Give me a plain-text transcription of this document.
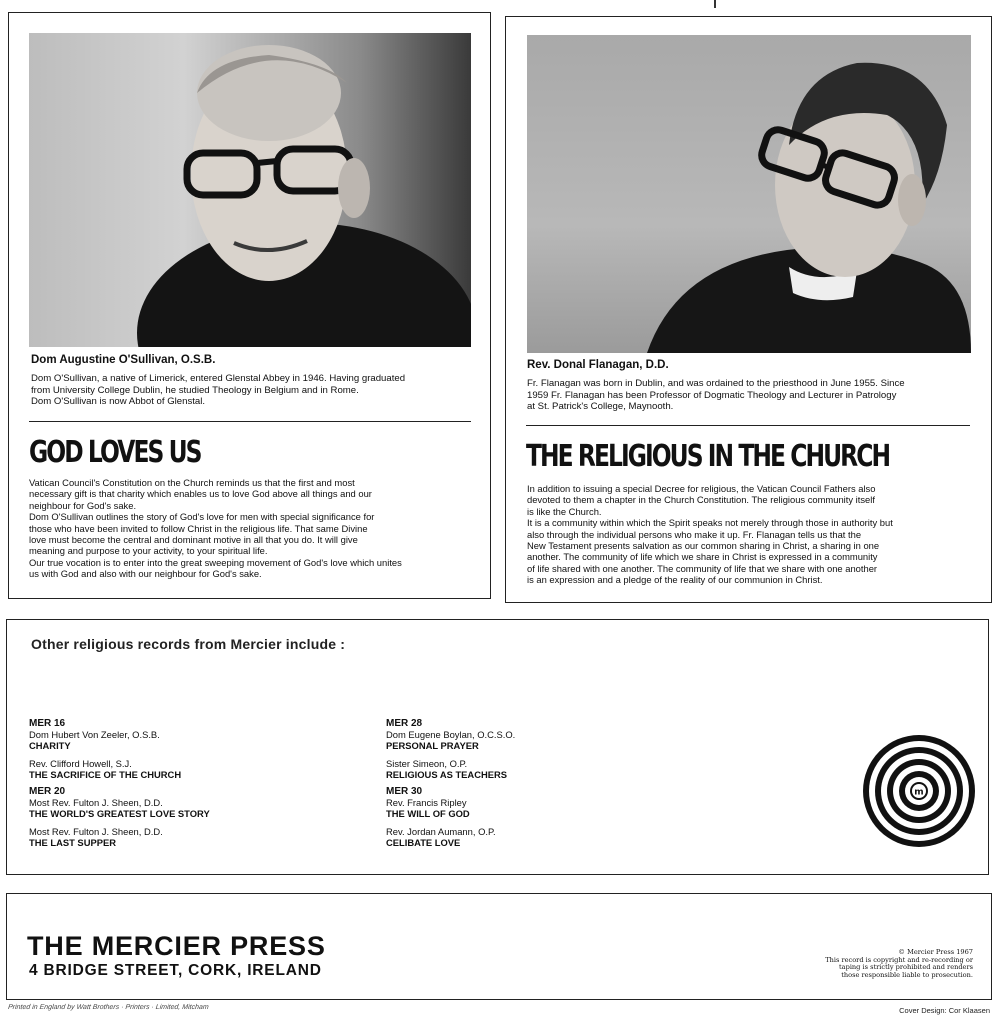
Dom Augustine O'Sullivan, O.S.B.
Dom O'Sullivan, a native of Limerick, entered Glenstal Abbey in 1946. Having graduated
from University College Dublin, he studied Theology in Belgium and in Rome.
Dom O'Sullivan is now Abbot of Glenstal.
GOD LOVES US

Vatican Council's Constitution on the Church reminds us that the first and most

necessary gift is that charity which enables us to love God above all things and our

neighbour for God's sake.

Dom O'Sullivan outlines the story of God's love for men with special significance for

those who have been invited to follow Christ in the religious life. That same Divine

love must become the central and dominant motive in all that you do. It will give

meaning and purpose to your activity, to your spiritual life.

Our true vocation is to enter into the great sweeping movement of God's love which unites

us with God and also with our neighbour for God's sake.

Rev. Donal Flanagan, D.D.
Fr. Flanagan was born in Dublin, and was ordained to the priesthood in June 1955. Since
1959 Fr. Flanagan has been Professor of Dogmatic Theology and Lecturer in Patrology
at St. Patrick's College, Maynooth.
THE RELIGIOUS IN THE CHURCH

In addition to issuing a special Decree for religious, the Vatican Council Fathers also

devoted to them a chapter in the Church Constitution. The religious community itself

is like the Church.

It is a community within which the Spirit speaks not merely through those in authority but

also through the individual persons who make it up. Fr. Flanagan tells us that the

New Testament presents salvation as our common sharing in Christ, a sharing in one

another. The community of life which we share in Christ is expressed in a community

of life shared with one another. The community of life that we share with one another

is an expression and a pledge of the reality of our communion in Christ.

Other religious records from Mercier include :
MER 16
Dom Hubert Von Zeeler, O.S.B.
CHARITY
Rev. Clifford Howell, S.J.
THE SACRIFICE OF THE CHURCH
MER 20
Most Rev. Fulton J. Sheen, D.D.
THE WORLD'S GREATEST LOVE STORY
Most Rev. Fulton J. Sheen, D.D.
THE LAST SUPPER
MER 28
Dom Eugene Boylan, O.C.S.O.
PERSONAL PRAYER
Sister Simeon, O.P.
RELIGIOUS AS TEACHERS
MER 30
Rev. Francis Ripley
THE WILL OF GOD
Rev. Jordan Aumann, O.P.
CELIBATE LOVE
m
THE MERCIER PRESS
4 BRIDGE STREET, CORK, IRELAND
© Mercier Press 1967
This record is copyright and re-recording or
taping is strictly prohibited and renders
those responsible liable to prosecution.
Printed in England by Watt Brothers · Printers · Limited, Mitcham	Cover Design: Cor Klaasen
